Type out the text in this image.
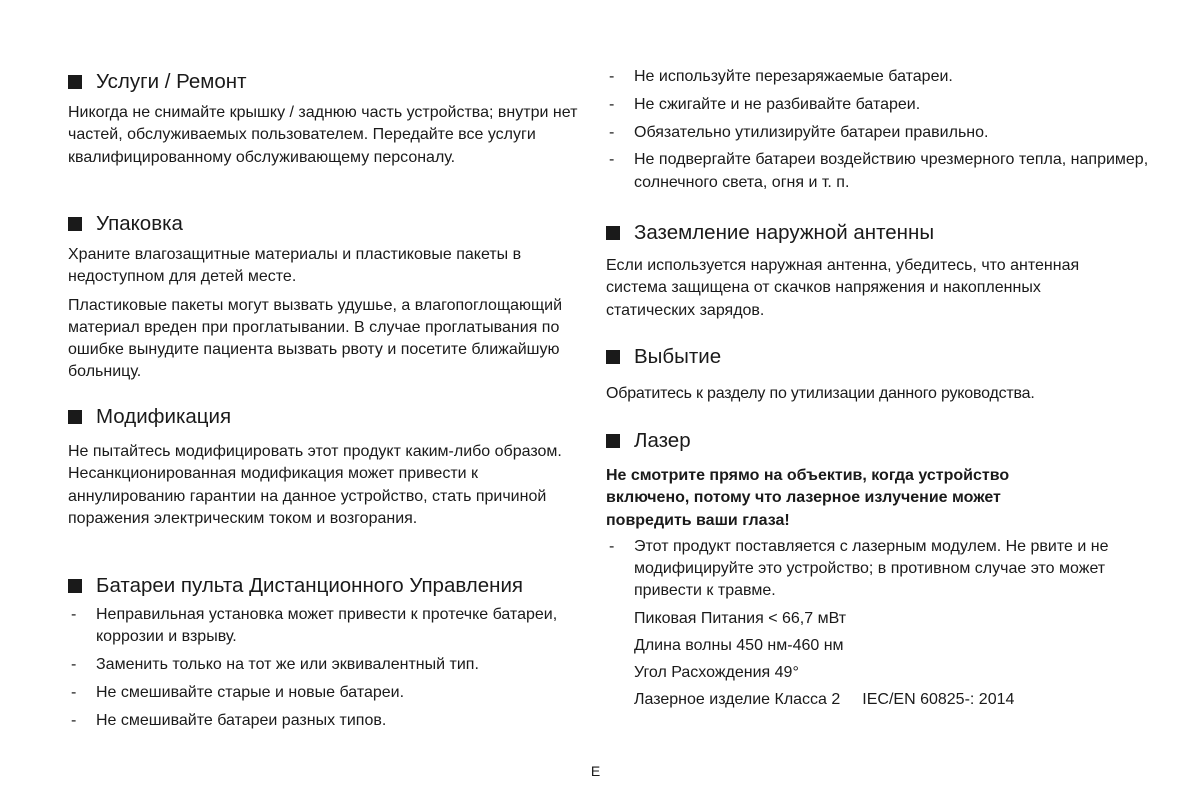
Услуги / Ремонт

Никогда не снимайте крышку / заднюю часть устройства; внутри нет частей, обслуживаемых пользователем. Передайте все услуги квалифицированному обслуживающему персоналу.

Упаковка

Храните влагозащитные материалы и пластиковые пакеты в недоступном для детей месте.

Пластиковые пакеты могут вызвать удушье, а влагопоглощающий материал вреден при проглатывании. В случае проглатывания по ошибке вынудите пациента вызвать рвоту и посетите ближайшую больницу.

Модификация

Не пытайтесь модифицировать этот продукт каким-либо образом. Несанкционированная модификация может привести к аннулированию гарантии на данное устройство, стать причиной поражения электрическим током и возгорания.

Батареи пульта Дистанционного Управления
- Неправильная установка может привести к протечке батареи, коррозии и взрыву.
- Заменить только на тот же или эквивалентный тип.
- Не смешивайте старые и новые батареи.
- Не смешивайте батареи разных типов.
- Не используйте перезаряжаемые батареи.
- Не сжигайте и не разбивайте батареи.
- Обязательно утилизируйте батареи правильно.
- Не подвергайте батареи воздействию чрезмерного тепла, например, солнечного света, огня и т. п.
Заземление наружной антенны

Если используется наружная антенна, убедитесь, что антенная система защищена от скачков напряжения и накопленных статических зарядов.

Выбытие

Обратитесь к разделу по утилизации данного руководства.

Лазер

Не смотрите прямо на объектив, когда устройство включено, потому что лазерное излучение может повредить ваши глаза!

- Этот продукт поставляется с лазерным модулем. Не рвите и не модифицируйте это устройство; в противном случае это может привести к травме.
Пиковая Питания < 66,7 мВт
Длина волны 450 нм-460 нм
Угол Расхождения 49°
Лазерное изделие Класса 2 IEC/EN 60825-: 2014
E
